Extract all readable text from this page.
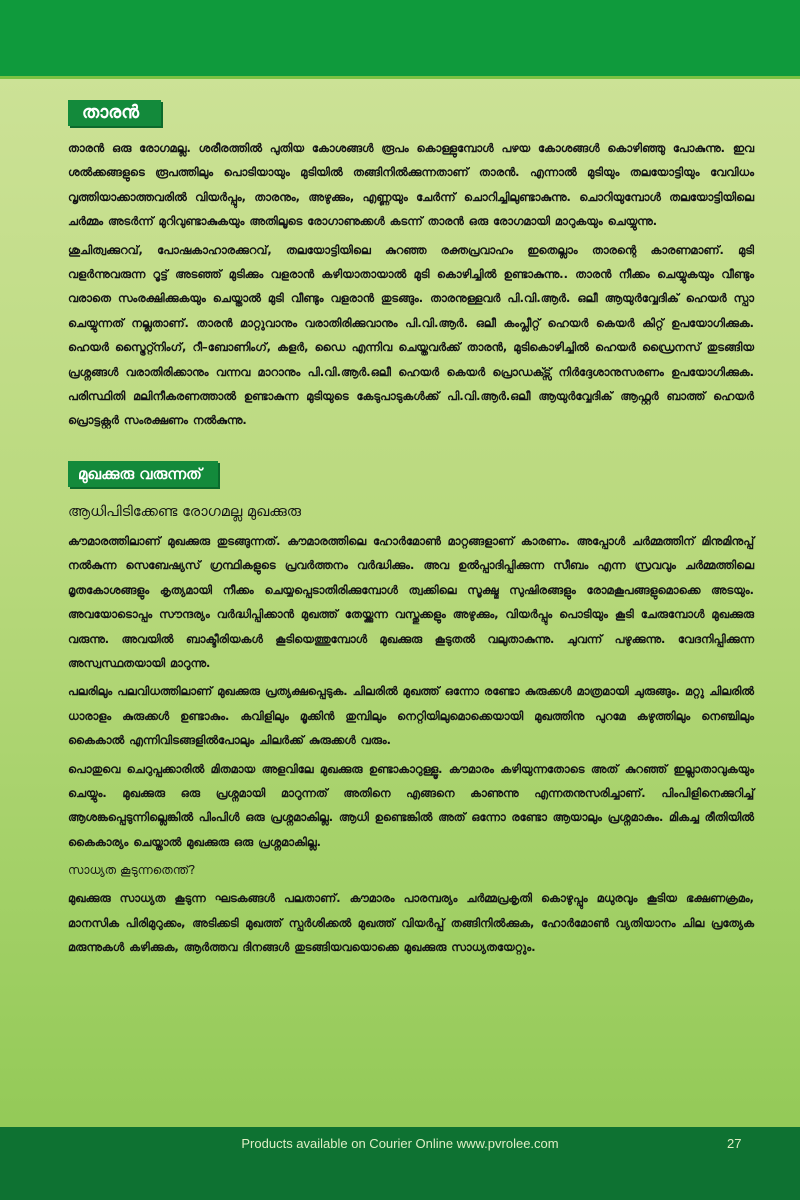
താരൻ

താരൻ ഒരു രോഗമല്ല. ശരീരത്തിൽ പുതിയ കോശങ്ങൾ രൂപം കൊള്ളുമ്പോൾ പഴയ കോശങ്ങൾ കൊഴിഞ്ഞു പോകുന്നു. ഇവ ശൽക്കങ്ങളുടെ രൂപത്തിലും പൊടിയായും മുടിയിൽ തങ്ങിനിൽക്കുന്നതാണ് താരൻ. എന്നാൽ മുടിയും തലയോട്ടിയും വേവിധം വൃത്തിയാക്കാത്തവരിൽ വിയർപ്പും, താരനും, അഴുക്കും, എണ്ണയും ചേർന്ന് ചൊറിച്ചിലുണ്ടാകുന്നു. ചൊറിയുമ്പോൾ തലയോട്ടിയിലെ ചർമ്മം അടർന്ന് മുറിവുണ്ടാകുകയും അതിലൂടെ രോഗാണുക്കൾ കടന്ന് താരൻ ഒരു രോഗമായി മാറുകയും ചെയ്യുന്നു.

ശുചിത്വക്കുറവ്, പോഷകാഹാരക്കുറവ്, തലയോട്ടിയിലെ കുറഞ്ഞ രക്തപ്രവാഹം ഇതെല്ലാം താരന്റെ കാരണമാണ്. മുടി വളർന്നുവരുന്ന റൂട്ട് അടഞ്ഞ് മുടിക്കും വളരാൻ കഴിയാതായാൽ മുടി കൊഴിച്ചിൽ ഉണ്ടാകുന്നു.. താരൻ നീക്കം ചെയ്യുകയും വീണ്ടും വരാതെ സംരക്ഷിക്കുകയും ചെയ്താൽ മുടി വീണ്ടും വളരാൻ തുടങ്ങും. താരനുള്ളവർ പി.വി.ആർ. ഒലീ ആയുർവ്വേദിക് ഹെയർ സ്പാ ചെയ്യുന്നത് നല്ലതാണ്. താരൻ മാറ്റുവാനും വരാതിരിക്കുവാനും പി.വി.ആർ. ഒലീ കംപ്ലീറ്റ് ഹെയർ കെയർ കിറ്റ് ഉപയോഗിക്കുക. ഹെയർ സ്ട്രൈറ്റ്നിംഗ്, റീ–ബോണിംഗ്, കളർ, ഡൈ എന്നിവ ചെയ്തവർക്ക് താരൻ, മുടികൊഴിച്ചിൽ ഹെയർ ഡ്രൈനസ് തുടങ്ങിയ പ്രശ്നങ്ങൾ വരാതിരിക്കാനും വന്നവ മാറാനും പി.വി.ആർ.ഒലീ ഹെയർ കെയർ പ്രൊഡക്ട്സ് നിർദ്ദേശാനുസരണം ഉപയോഗിക്കുക. പരിസ്ഥിതി മലിനീകരണത്താൽ ഉണ്ടാകുന്ന മുടിയുടെ കേടുപാടുകൾക്ക് പി.വി.ആർ.ഒലീ ആയുർവ്വേദിക് ആഫ്റ്റർ ബാത്ത് ഹെയർ പ്രൊട്ടക്റ്റർ സംരക്ഷണം നൽകുന്നു.

മുഖക്കുരു വരുന്നത്
ആധിപിടിക്കേണ്ട രോഗമല്ല മുഖക്കുരു

കൗമാരത്തിലാണ് മുഖക്കുരു തുടങ്ങുന്നത്. കൗമാരത്തിലെ ഹോർമോൺ മാറ്റങ്ങളാണ് കാരണം. അപ്പോൾ ചർമ്മത്തിന് മിനുമിനുപ്പ് നൽകുന്ന സെബേഷ്യസ് ഗ്രന്ഥികളുടെ പ്രവർത്തനം വർദ്ധിക്കും. അവ ഉൽപ്പാദിപ്പിക്കുന്ന സീബം എന്ന സ്രവവും ചർമ്മത്തിലെ മൃതകോശങ്ങളും കൃത്യമായി നീക്കം ചെയ്യപ്പെടാതിരിക്കുമ്പോൾ ത്വക്കിലെ സൂക്ഷ്മ സുഷിരങ്ങളും രോമകൂപങ്ങളുമൊക്കെ അടയും. അവയോടൊപ്പം സൗന്ദര്യം വർദ്ധിപ്പിക്കാൻ മുഖത്ത് തേയ്ക്കുന്ന വസ്തുക്കളും അഴുക്കും, വിയർപ്പും പൊടിയും കൂടി ചേരുമ്പോൾ മുഖക്കുരു വരുന്നു. അവയിൽ ബാക്ടീരിയകൾ കൂടിയെത്തുമ്പോൾ മുഖക്കുരു കൂടുതൽ വലുതാകുന്നു. ചുവന്ന് പഴുക്കുന്നു. വേദനിപ്പിക്കുന്ന അസ്വസ്ഥതയായി മാറുന്നു.

പലരിലും പലവിധത്തിലാണ് മുഖക്കുരു പ്രത്യക്ഷപ്പെടുക. ചിലരിൽ മുഖത്ത് ഒന്നോ രണ്ടോ കുരുക്കൾ മാത്രമായി ചുരുങ്ങും. മറ്റു ചിലരിൽ ധാരാളം കുരുക്കൾ ഉണ്ടാകും. കവിളിലും മൂക്കിൻ തുമ്പിലും നെറ്റിയിലുമൊക്കെയായി മുഖത്തിനു പുറമേ കഴുത്തിലും നെഞ്ചിലും കൈകാൽ എന്നിവിടങ്ങളിൽപോലും ചിലർക്ക് കുരുക്കൾ വരും.

പൊതുവെ ചെറുപ്പക്കാരിൽ മിതമായ അളവിലേ മുഖക്കുരു ഉണ്ടാകാറുള്ളൂ. കൗമാരം കഴിയുന്നതോടെ അത് കുറഞ്ഞ് ഇല്ലാതാവുകയും ചെയ്യും. മുഖക്കുരു ഒരു പ്രശ്നമായി മാറുന്നത് അതിനെ എങ്ങനെ കാണുന്നു എന്നതനുസരിച്ചാണ്. പിംപിളിനെക്കുറിച്ച് ആശങ്കപ്പെടുന്നില്ലെങ്കിൽ പിംപിൾ ഒരു പ്രശ്നമാകില്ല. ആധി ഉണ്ടെങ്കിൽ അത് ഒന്നോ രണ്ടോ ആയാലും പ്രശ്നമാകും. മികച്ച രീതിയിൽ കൈകാര്യം ചെയ്താൽ മുഖക്കുരു ഒരു പ്രശ്നമാകില്ല.

സാധ്യത കൂടുന്നതെന്ത്?

മുഖക്കുരു സാധ്യത കൂടുന്ന ഘടകങ്ങൾ പലതാണ്. കൗമാരം പാരമ്പര്യം ചർമ്മപ്രകൃതി കൊഴുപ്പും മധുരവും കൂടിയ ഭക്ഷണക്രമം, മാനസിക പിരിമുറുക്കം, അടിക്കടി മുഖത്ത് സ്പർശിക്കൽ മുഖത്ത് വിയർപ്പ് തങ്ങിനിൽക്കുക, ഹോർമോൺ വ്യതിയാനം ചില പ്രത്യേക മരുന്നുകൾ കഴിക്കുക, ആർത്തവ ദിനങ്ങൾ തുടങ്ങിയവയൊക്കെ മുഖക്കുരു സാധ്യതയേറ്റും.

Products available on Courier Online www.pvrolee.com	27
